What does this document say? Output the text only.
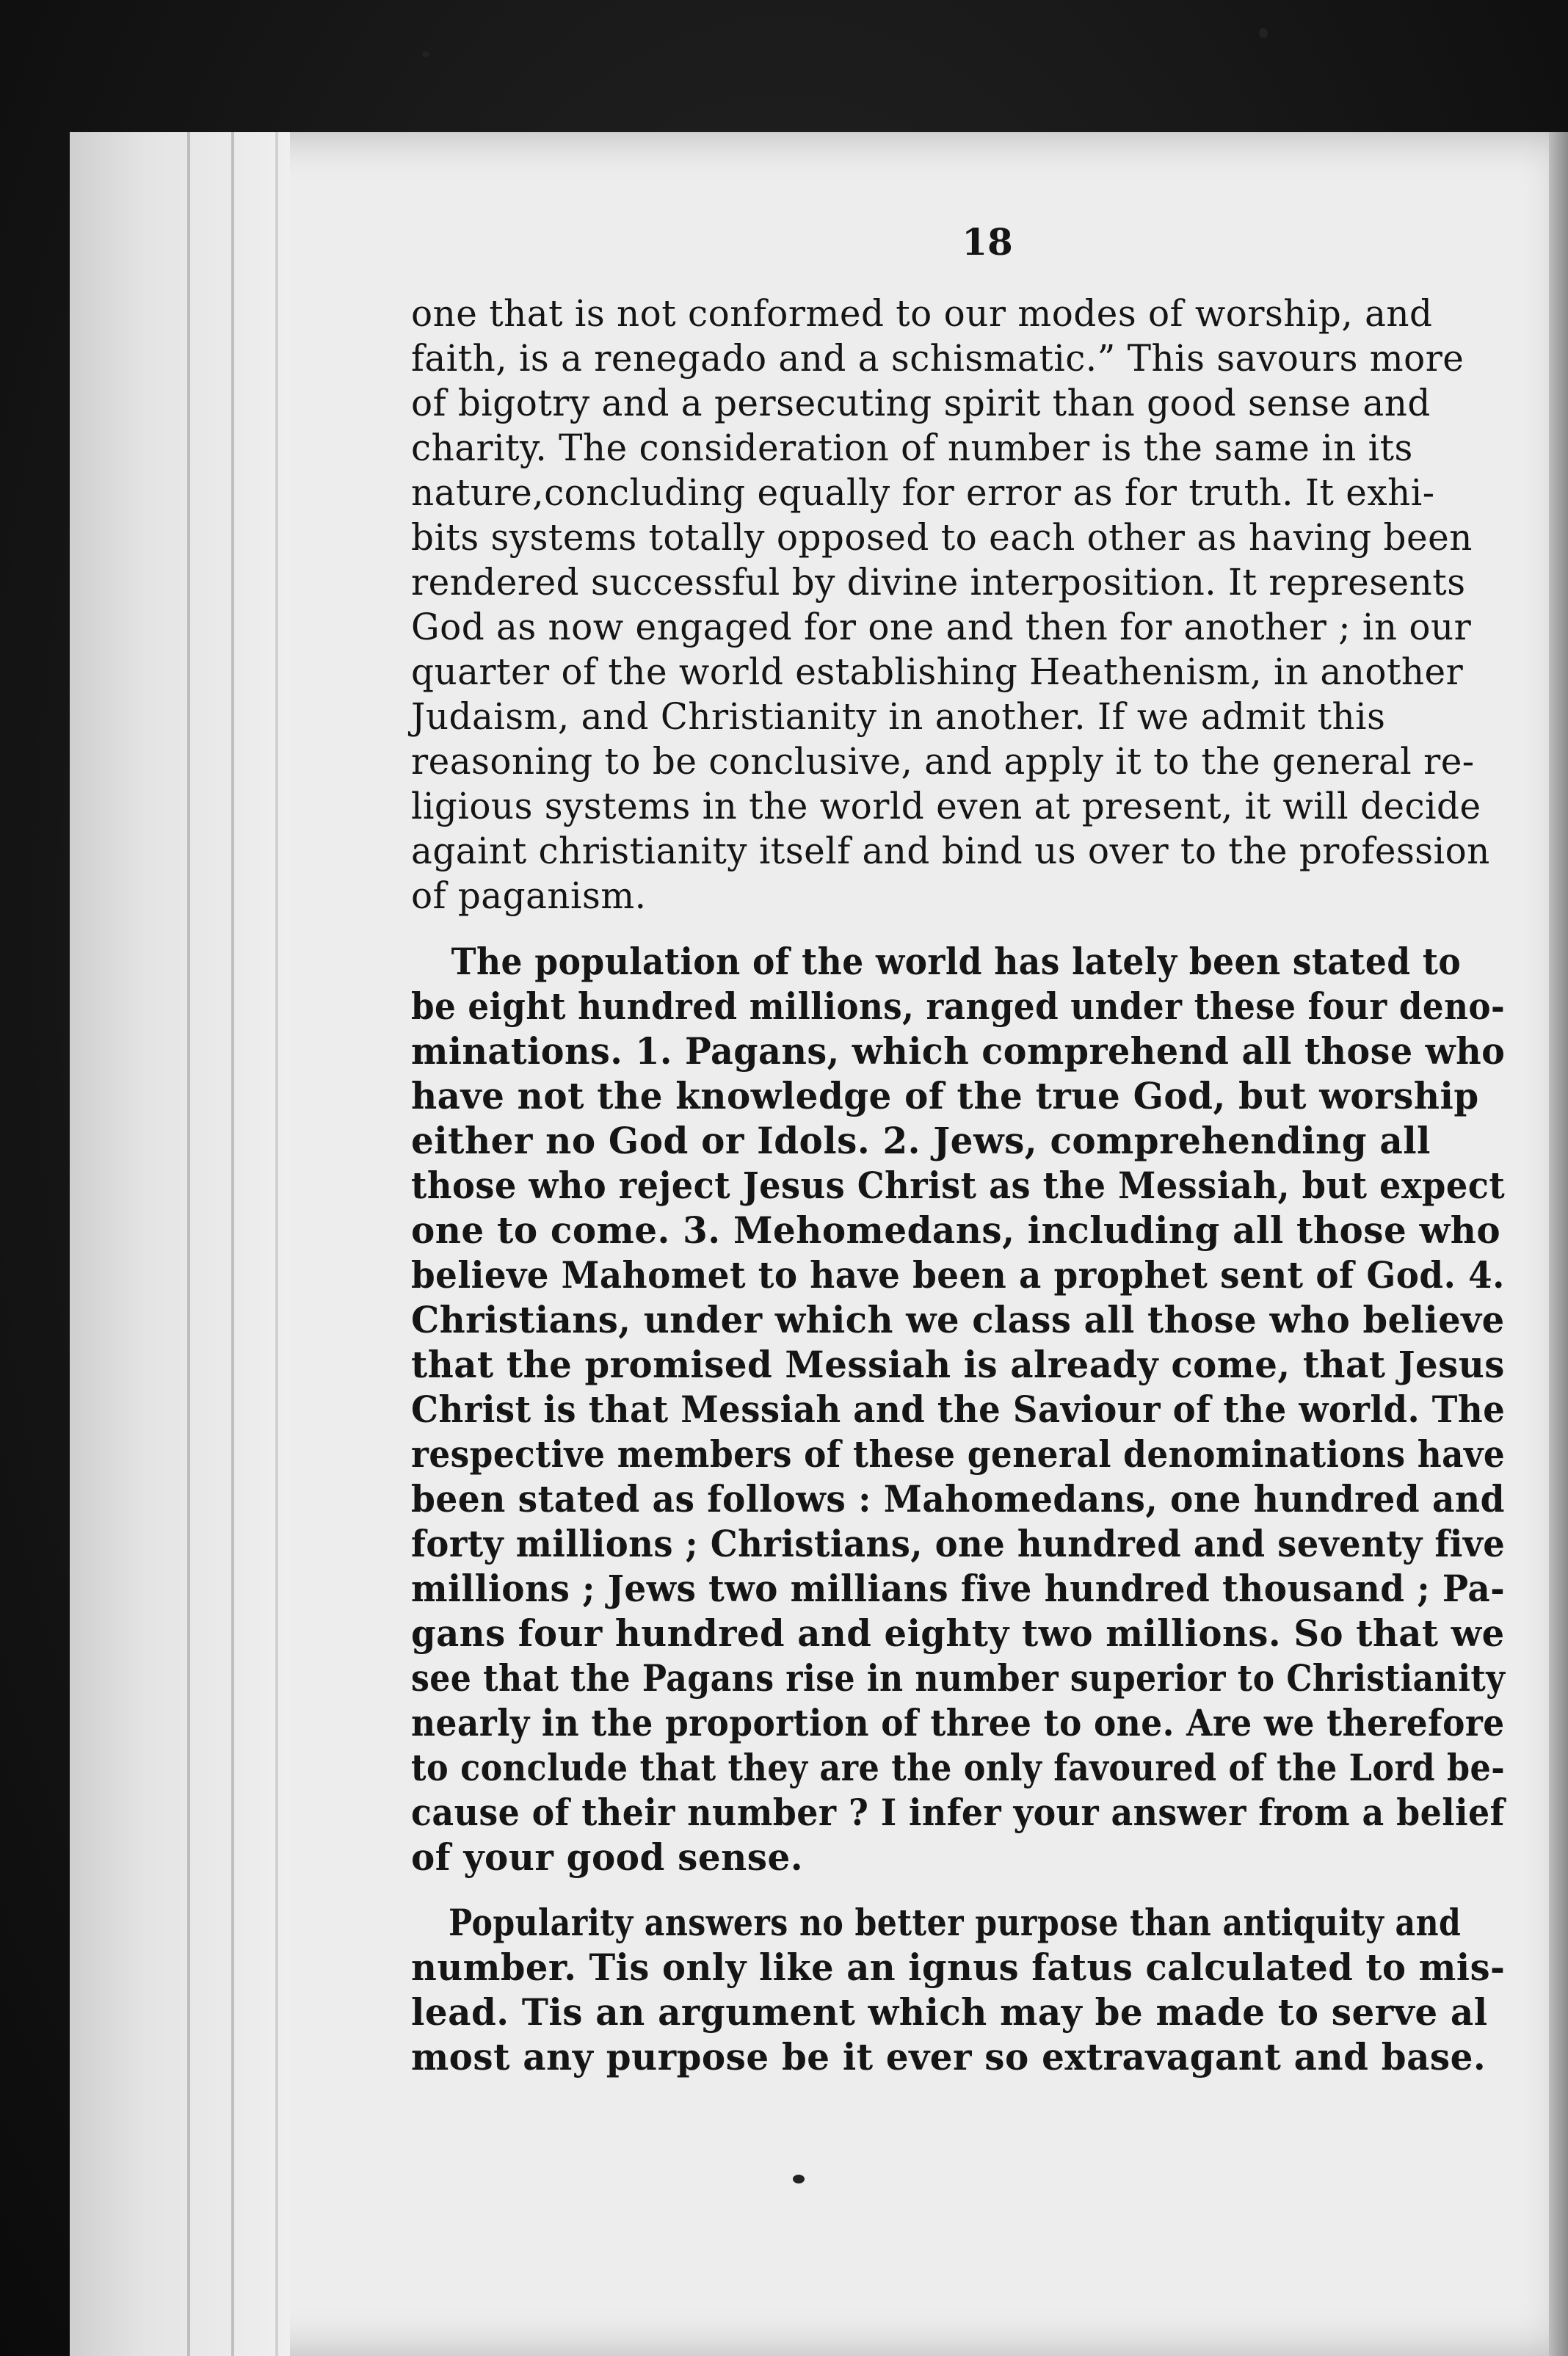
18
one that is not conformed to our modes of worship, and
faith, is a renegado and a schismatic.” This savours more
of bigotry and a persecuting spirit than good sense and
charity. The consideration of number is the same in its
nature,concluding equally for error as for truth. It exhi-
bits systems totally opposed to each other as having been
rendered successful by divine interposition. It represents
God as now engaged for one and then for another ; in our
quarter of the world establishing Heathenism, in another
Judaism, and Christianity in another. If we admit this
reasoning to be conclusive, and apply it to the general re-
ligious systems in the world even at present, it will decide
againt christianity itself and bind us over to the profession
of paganism.
The population of the world has lately been stated to
be eight hundred millions, ranged under these four deno-
minations. 1. Pagans, which comprehend all those who
have not the knowledge of the true God, but worship
either no God or Idols. 2. Jews, comprehending all
those who reject Jesus Christ as the Messiah, but expect
one to come. 3. Mehomedans, including all those who
believe Mahomet to have been a prophet sent of God. 4.
Christians, under which we class all those who believe
that the promised Messiah is already come, that Jesus
Christ is that Messiah and the Saviour of the world. The
respective members of these general denominations have
been stated as follows : Mahomedans, one hundred and
forty millions ; Christians, one hundred and seventy five
millions ; Jews two millians five hundred thousand ; Pa-
gans four hundred and eighty two millions. So that we
see that the Pagans rise in number superior to Christianity
nearly in the proportion of three to one. Are we therefore
to conclude that they are the only favoured of the Lord be-
cause of their number ? I infer your answer from a belief
of your good sense.
Popularity answers no better purpose than antiquity and
number. Tis only like an ignus fatus calculated to mis-
lead. Tis an argument which may be made to serve al
most any purpose be it ever so extravagant and base.
